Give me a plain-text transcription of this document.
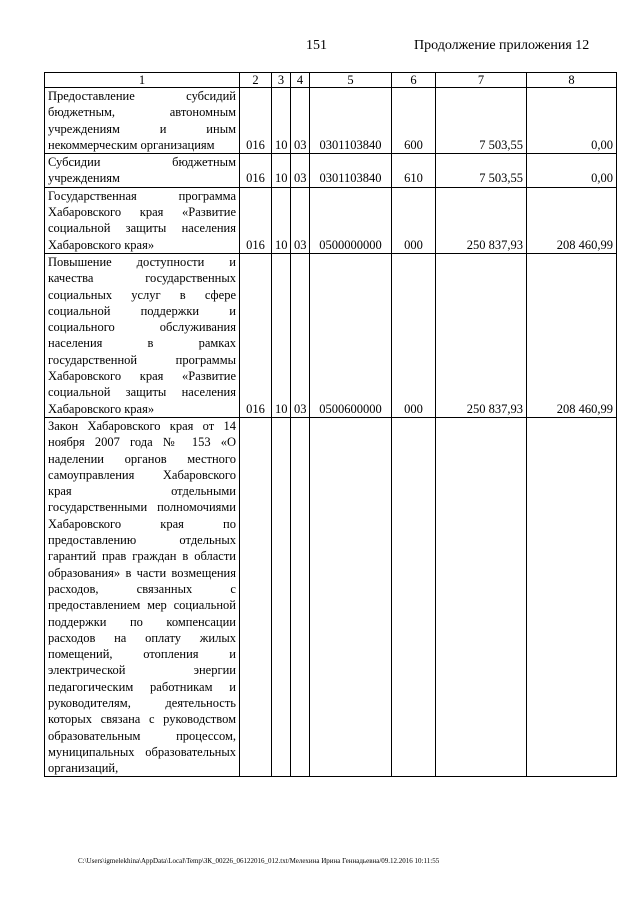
151	Продолжение приложения 12
1	2	3	4	5	6	7	8
Предоставление субсидий бюджетным, автономным учреждениям и иным некоммерческим организациям	016	10	03	0301103840	600	7 503,55	0,00
Субсидии бюджетным учреждениям	016	10	03	0301103840	610	7 503,55	0,00
Государственная программа Хабаровского края «Развитие социальной защиты населения Хабаровского края»	016	10	03	0500000000	000	250 837,93	208 460,99
Повышение доступности и качества государственных социальных услуг в сфере социальной поддержки и социального обслуживания населения в рамках государственной программы Хабаровского края «Развитие социальной защиты населения Хабаровского края»	016	10	03	0500600000	000	250 837,93	208 460,99
Закон Хабаровского края от 14 ноября 2007 года № 153 «О наделении органов местного самоуправления Хабаровского края отдельными государственными полномочиями Хабаровского края по предоставлению отдельных гарантий прав граждан в области образования» в части возмещения расходов, связанных с предоставлением мер социальной поддержки по компенсации расходов на оплату жилых помещений, отопления и электрической энергии педагогическим работникам и руководителям, деятельность которых связана с руководством образовательным процессом, муниципальных образовательных организаций,							
C:\Users\igmelekhina\AppData\Local\Temp\ЗК_00226_06122016_012.txt/Мелехина Ирина Геннадьевна/09.12.2016 10:11:55
